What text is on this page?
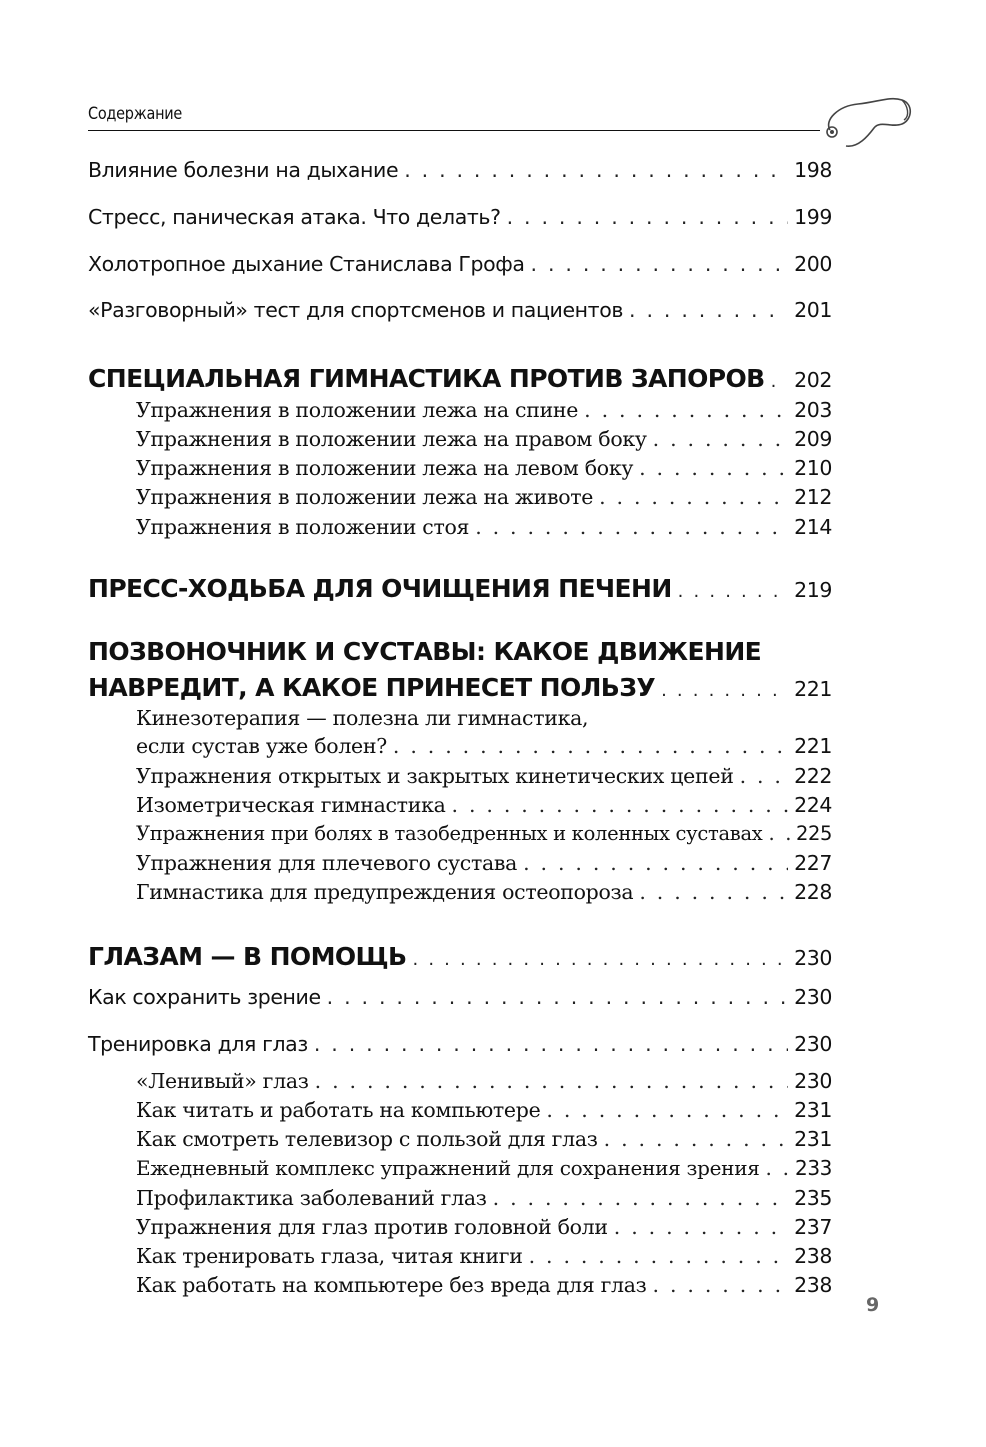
Содержание
Влияние болезни на дыхание . . .	198
Стресс, паническая атака. Что делать? . . .	199
Холотропное дыхание Станислава Грофа . . .	200
«Разговорный» тест для спортсменов и пациентов . . .	201
СПЕЦИАЛЬНАЯ ГИМНАСТИКА ПРОТИВ ЗАПОРОВ . . . 202
Упражнения в положении лежа на спине . . .	203
Упражнения в положении лежа на правом боку . . .	209
Упражнения в положении лежа на левом боку . . .	210
Упражнения в положении лежа на животе . . .	212
Упражнения в положении стоя . . .	214
ПРЕСС-ХОДЬБА ДЛЯ ОЧИЩЕНИЯ ПЕЧЕНИ . . .	219
ПОЗВОНОЧНИК И СУСТАВЫ: КАКОЕ ДВИЖЕНИЕ
НАВРЕДИТ, А КАКОЕ ПРИНЕСЕТ ПОЛЬЗУ . . .	221
Кинезотерапия — полезна ли гимнастика,
если сустав уже болен? . . .	221
Упражнения открытых и закрытых кинетических цепей . . .	222
Изометрическая гимнастика . . .	224
Упражнения при болях в тазобедренных и коленных суставах . . . 225
Упражнения для плечевого сустава . . .	227
Гимнастика для предупреждения остеопороза . . .	228
ГЛАЗАМ — В ПОМОЩЬ . . .	230
Как сохранить зрение . . .	230
Тренировка для глаз . . .	230
«Ленивый» глаз . . .	230
Как читать и работать на компьютере . . .	231
Как смотреть телевизор с пользой для глаз . . .	231
Ежедневный комплекс упражнений для сохранения зрения . . . 233
Профилактика заболеваний глаз . . .	235
Упражнения для глаз против головной боли . . .	237
Как тренировать глаза, читая книги . . .	238
Как работать на компьютере без вреда для глаз . . .	238
9
